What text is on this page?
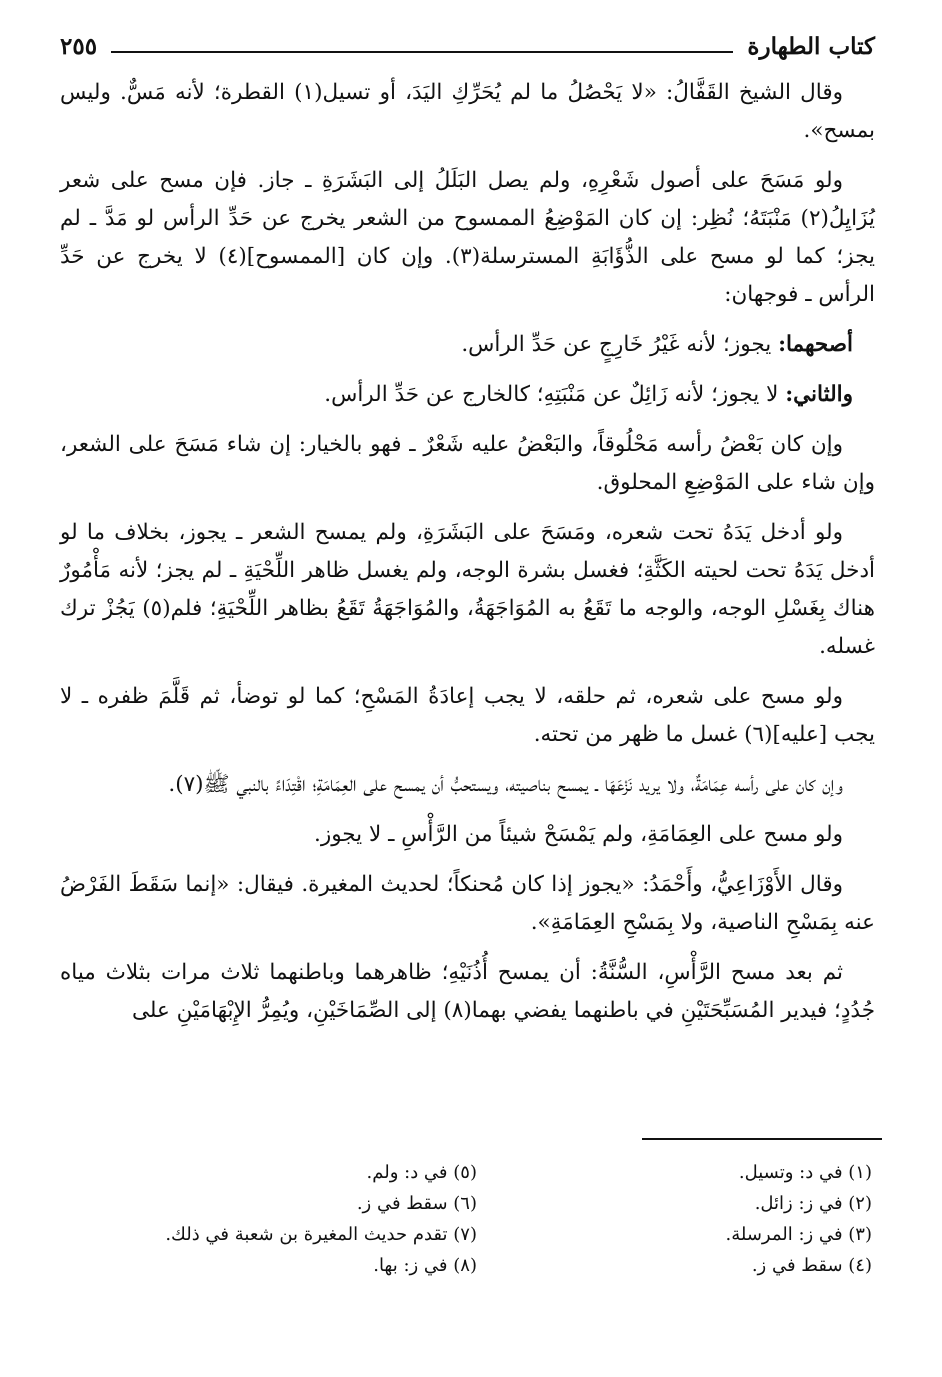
كتاب الطهارة
٢٥٥

وقال الشيخ القَفَّالُ: «لا يَحْصُلُ ما لم يُحَرِّكِ اليَدَ، أو تسيل(١) القطرة؛ لأنه مَسٌّ. وليس بمسح».

ولو مَسَحَ على أصول شَعْرِهِ، ولم يصل البَلَلُ إلى البَشَرَةِ ـ جاز. فإن مسح على شعر يُزَايِلُ(٢) مَنْبَتَهُ؛ نُظِر: إن كان المَوْضِعُ الممسوح من الشعر يخرج عن حَدِّ الرأس لو مَدَّ ـ لم يجز؛ كما لو مسح على الذُّؤَابَةِ المسترسلة(٣). وإن كان [الممسوح](٤) لا يخرج عن حَدِّ الرأس ـ فوجهان:

أصحهما: يجوز؛ لأنه غَيْرُ خَارِجٍ عن حَدِّ الرأس.

والثاني: لا يجوز؛ لأنه زَائِلٌ عن مَنْبَتِهِ؛ كالخارج عن حَدِّ الرأس.

وإن كان بَعْضُ رأسه مَحْلُوقاً، والبَعْضُ عليه شَعْرٌ ـ فهو بالخيار: إن شاء مَسَحَ على الشعر، وإن شاء على المَوْضِعِ المحلوق.

ولو أدخل يَدَهُ تحت شعره، ومَسَحَ على البَشَرَةِ، ولم يمسح الشعر ـ يجوز، بخلاف ما لو أدخل يَدَهُ تحت لحيته الكَثَّةِ؛ فغسل بشرة الوجه، ولم يغسل ظاهر اللِّحْيَةِ ـ لم يجز؛ لأنه مَأْمُورٌ هناك بِغَسْلِ الوجه، والوجه ما تَقَعُ به المُوَاجَهَةُ، والمُوَاجَهَةُ تَقَعُ بظاهر اللِّحْيَةِ؛ فلم(٥) يَجُزْ ترك غسله.

ولو مسح على شعره، ثم حلقه، لا يجب إعادَةُ المَسْحِ؛ كما لو توضأ، ثم قَلَّمَ ظفره ـ لا يجب [عليه](٦) غسل ما ظهر من تحته.

وإن كان على رأسه عِمَامَةٌ، ولا يريد نَزْعَهَا ـ يمسح بناصيته، ويستحبُّ أن يمسح على العِمَامَةِ؛ اقْتِدَاءً بالنبي ﷺ(٧).

ولو مسح على العِمَامَةِ، ولم يَمْسَحْ شيئاً من الرَّأْسِ ـ لا يجوز.

وقال الأَوْزَاعِيُّ، وأَحْمَدُ: «يجوز إذا كان مُحنكاً؛ لحديث المغيرة. فيقال: «إنما سَقَطَ الفَرْضُ عنه بِمَسْحِ الناصية، ولا بِمَسْحِ العِمَامَةِ».

ثم بعد مسح الرَّأْسِ، السُّنَّةُ: أن يمسح أُذُنَيْهِ؛ ظاهرهما وباطنهما ثلاث مرات بثلاث مياه جُدُدٍ؛ فيدير المُسَبِّحَتَيْنِ في باطنهما يفضي بهما(٨) إلى الصِّمَاخَيْنِ، ويُمِرُّ الإِبْهَامَيْنِ على

(١) في د: وتسيل.
(٢) في ز: زائل.
(٣) في ز: المرسلة.
(٤) سقط في ز.
(٥) في د: ولم.
(٦) سقط في ز.
(٧) تقدم حديث المغيرة بن شعبة في ذلك.
(٨) في ز: بها.
